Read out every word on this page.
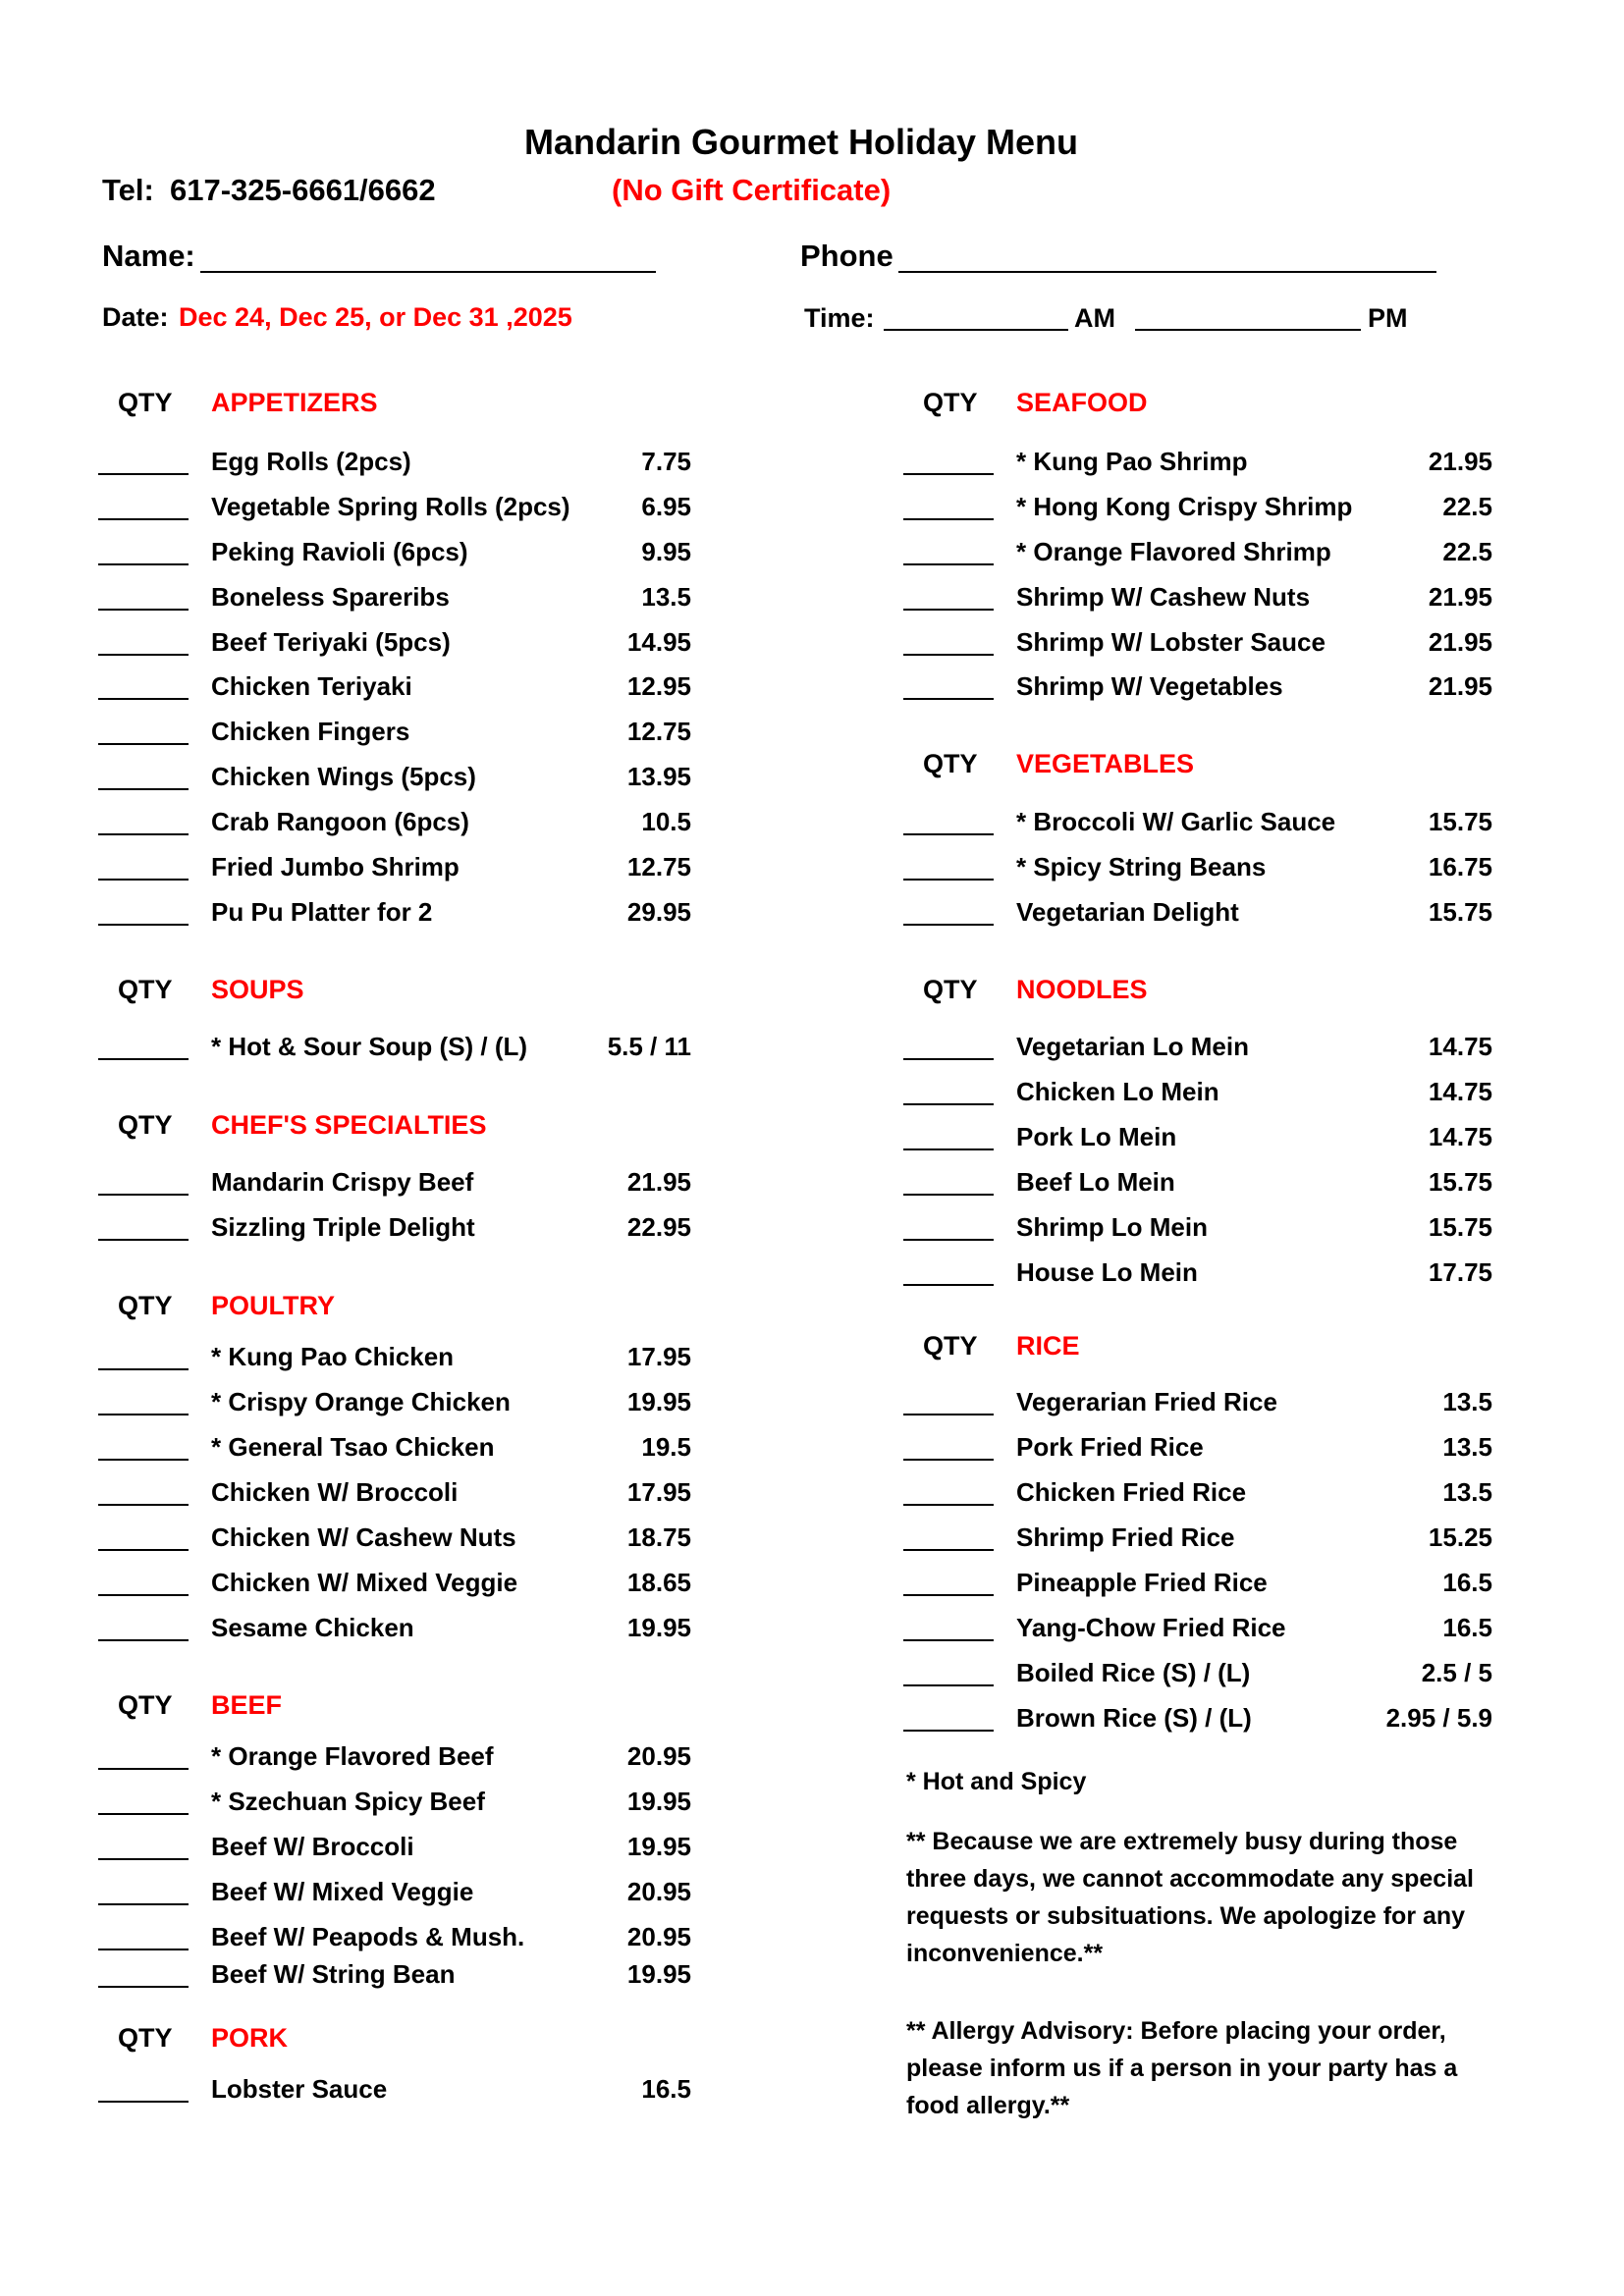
Mandarin Gourmet Holiday Menu
Tel: 617-325-6661/6662	(No Gift Certificate)
Name:	Phone
Date: Dec 24, Dec 25, or Dec 31 ,2025	Time:	AM	PM
QTY APPETIZERS
Egg Rolls (2pcs)	7.75
Vegetable Spring Rolls (2pcs)	6.95
Peking Ravioli (6pcs)	9.95
Boneless Spareribs	13.5
Beef Teriyaki (5pcs)	14.95
Chicken Teriyaki	12.95
Chicken Fingers	12.75
Chicken Wings (5pcs)	13.95
Crab Rangoon (6pcs)	10.5
Fried Jumbo Shrimp	12.75
Pu Pu Platter for 2	29.95
QTY SOUPS
* Hot & Sour Soup (S) / (L)	5.5 / 11
QTY CHEF'S SPECIALTIES
Mandarin Crispy Beef	21.95
Sizzling Triple Delight	22.95
QTY POULTRY
* Kung Pao Chicken	17.95
* Crispy Orange Chicken	19.95
* General Tsao Chicken	19.5
Chicken W/ Broccoli	17.95
Chicken W/ Cashew Nuts	18.75
Chicken W/ Mixed Veggie	18.65
Sesame Chicken	19.95
QTY BEEF
* Orange Flavored Beef	20.95
* Szechuan Spicy Beef	19.95
Beef W/ Broccoli	19.95
Beef W/ Mixed Veggie	20.95
Beef W/ Peapods & Mush.	20.95
Beef W/ String Bean	19.95
QTY PORK
Lobster Sauce	16.5
QTY SEAFOOD
* Kung Pao Shrimp	21.95
* Hong Kong Crispy Shrimp	22.5
* Orange Flavored Shrimp	22.5
Shrimp W/ Cashew Nuts	21.95
Shrimp W/ Lobster Sauce	21.95
Shrimp W/ Vegetables	21.95
QTY VEGETABLES
* Broccoli W/ Garlic Sauce	15.75
* Spicy String Beans	16.75
Vegetarian Delight	15.75
QTY NOODLES
Vegetarian Lo Mein	14.75
Chicken Lo Mein	14.75
Pork Lo Mein	14.75
Beef Lo Mein	15.75
Shrimp Lo Mein	15.75
House Lo Mein	17.75
QTY RICE
Vegerarian Fried Rice	13.5
Pork Fried Rice	13.5
Chicken Fried Rice	13.5
Shrimp Fried Rice	15.25
Pineapple Fried Rice	16.5
Yang-Chow Fried Rice	16.5
Boiled Rice (S) / (L)	2.5 / 5
Brown Rice (S) / (L)	2.95 / 5.9
* Hot and Spicy
** Because we are extremely busy during those three days, we cannot accommodate any special requests or subsituations. We apologize for any inconvenience.**
** Allergy Advisory: Before placing your order, please inform us if a person in your party has a food allergy.**
